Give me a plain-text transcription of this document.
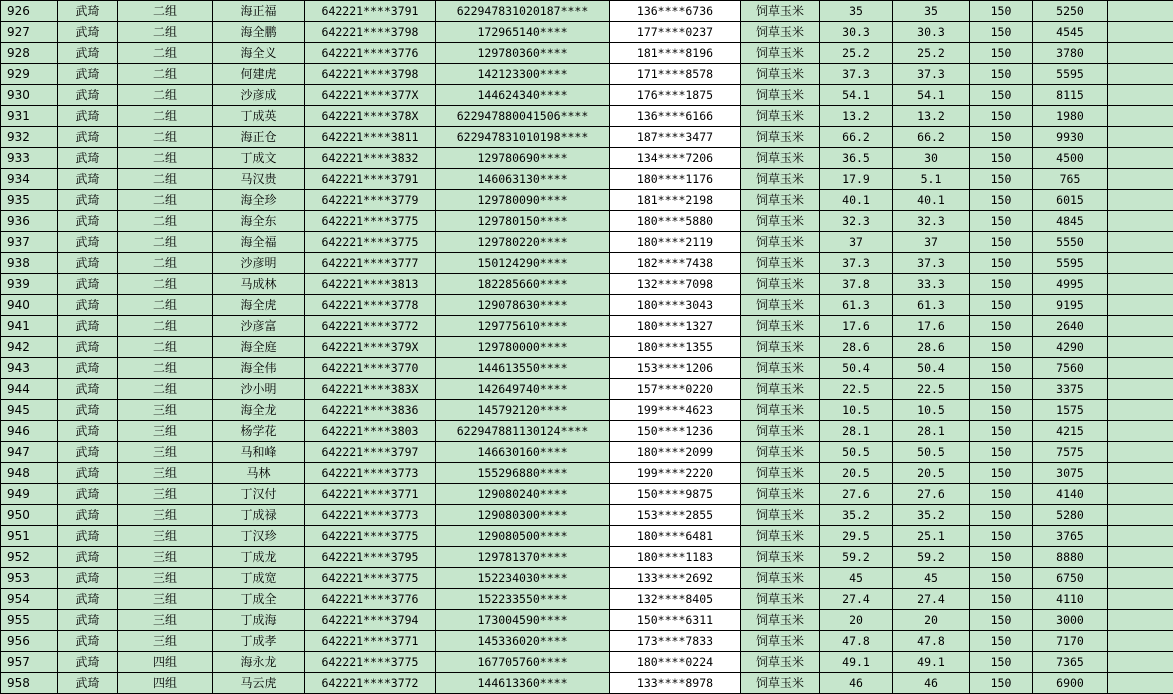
926	武琦	二组	海正福	642221****3791	622947831020187****	136****6736	饲草玉米	35	35	150	5250	
927	武琦	二组	海全鹏	642221****3798	172965140****	177****0237	饲草玉米	30.3	30.3	150	4545	
928	武琦	二组	海全义	642221****3776	129780360****	181****8196	饲草玉米	25.2	25.2	150	3780	
929	武琦	二组	何建虎	642221****3798	142123300****	171****8578	饲草玉米	37.3	37.3	150	5595	
930	武琦	二组	沙彦成	642221****377X	144624340****	176****1875	饲草玉米	54.1	54.1	150	8115	
931	武琦	二组	丁成英	642221****378X	622947880041506****	136****6166	饲草玉米	13.2	13.2	150	1980	
932	武琦	二组	海正仓	642221****3811	622947831010198****	187****3477	饲草玉米	66.2	66.2	150	9930	
933	武琦	二组	丁成文	642221****3832	129780690****	134****7206	饲草玉米	36.5	30	150	4500	
934	武琦	二组	马汉贵	642221****3791	146063130****	180****1176	饲草玉米	17.9	5.1	150	765	
935	武琦	二组	海全珍	642221****3779	129780090****	181****2198	饲草玉米	40.1	40.1	150	6015	
936	武琦	二组	海全东	642221****3775	129780150****	180****5880	饲草玉米	32.3	32.3	150	4845	
937	武琦	二组	海全福	642221****3775	129780220****	180****2119	饲草玉米	37	37	150	5550	
938	武琦	二组	沙彦明	642221****3777	150124290****	182****7438	饲草玉米	37.3	37.3	150	5595	
939	武琦	二组	马成林	642221****3813	182285660****	132****7098	饲草玉米	37.8	33.3	150	4995	
940	武琦	二组	海全虎	642221****3778	129078630****	180****3043	饲草玉米	61.3	61.3	150	9195	
941	武琦	二组	沙彦富	642221****3772	129775610****	180****1327	饲草玉米	17.6	17.6	150	2640	
942	武琦	二组	海全庭	642221****379X	129780000****	180****1355	饲草玉米	28.6	28.6	150	4290	
943	武琦	二组	海全伟	642221****3770	144613550****	153****1206	饲草玉米	50.4	50.4	150	7560	
944	武琦	二组	沙小明	642221****383X	142649740****	157****0220	饲草玉米	22.5	22.5	150	3375	
945	武琦	三组	海全龙	642221****3836	145792120****	199****4623	饲草玉米	10.5	10.5	150	1575	
946	武琦	三组	杨学花	642221****3803	622947881130124****	150****1236	饲草玉米	28.1	28.1	150	4215	
947	武琦	三组	马和峰	642221****3797	146630160****	180****2099	饲草玉米	50.5	50.5	150	7575	
948	武琦	三组	马林	642221****3773	155296880****	199****2220	饲草玉米	20.5	20.5	150	3075	
949	武琦	三组	丁汉付	642221****3771	129080240****	150****9875	饲草玉米	27.6	27.6	150	4140	
950	武琦	三组	丁成禄	642221****3773	129080300****	153****2855	饲草玉米	35.2	35.2	150	5280	
951	武琦	三组	丁汉珍	642221****3775	129080500****	180****6481	饲草玉米	29.5	25.1	150	3765	
952	武琦	三组	丁成龙	642221****3795	129781370****	180****1183	饲草玉米	59.2	59.2	150	8880	
953	武琦	三组	丁成宽	642221****3775	152234030****	133****2692	饲草玉米	45	45	150	6750	
954	武琦	三组	丁成全	642221****3776	152233550****	132****8405	饲草玉米	27.4	27.4	150	4110	
955	武琦	三组	丁成海	642221****3794	173004590****	150****6311	饲草玉米	20	20	150	3000	
956	武琦	三组	丁成孝	642221****3771	145336020****	173****7833	饲草玉米	47.8	47.8	150	7170	
957	武琦	四组	海永龙	642221****3775	167705760****	180****0224	饲草玉米	49.1	49.1	150	7365	
958	武琦	四组	马云虎	642221****3772	144613360****	133****8978	饲草玉米	46	46	150	6900	
